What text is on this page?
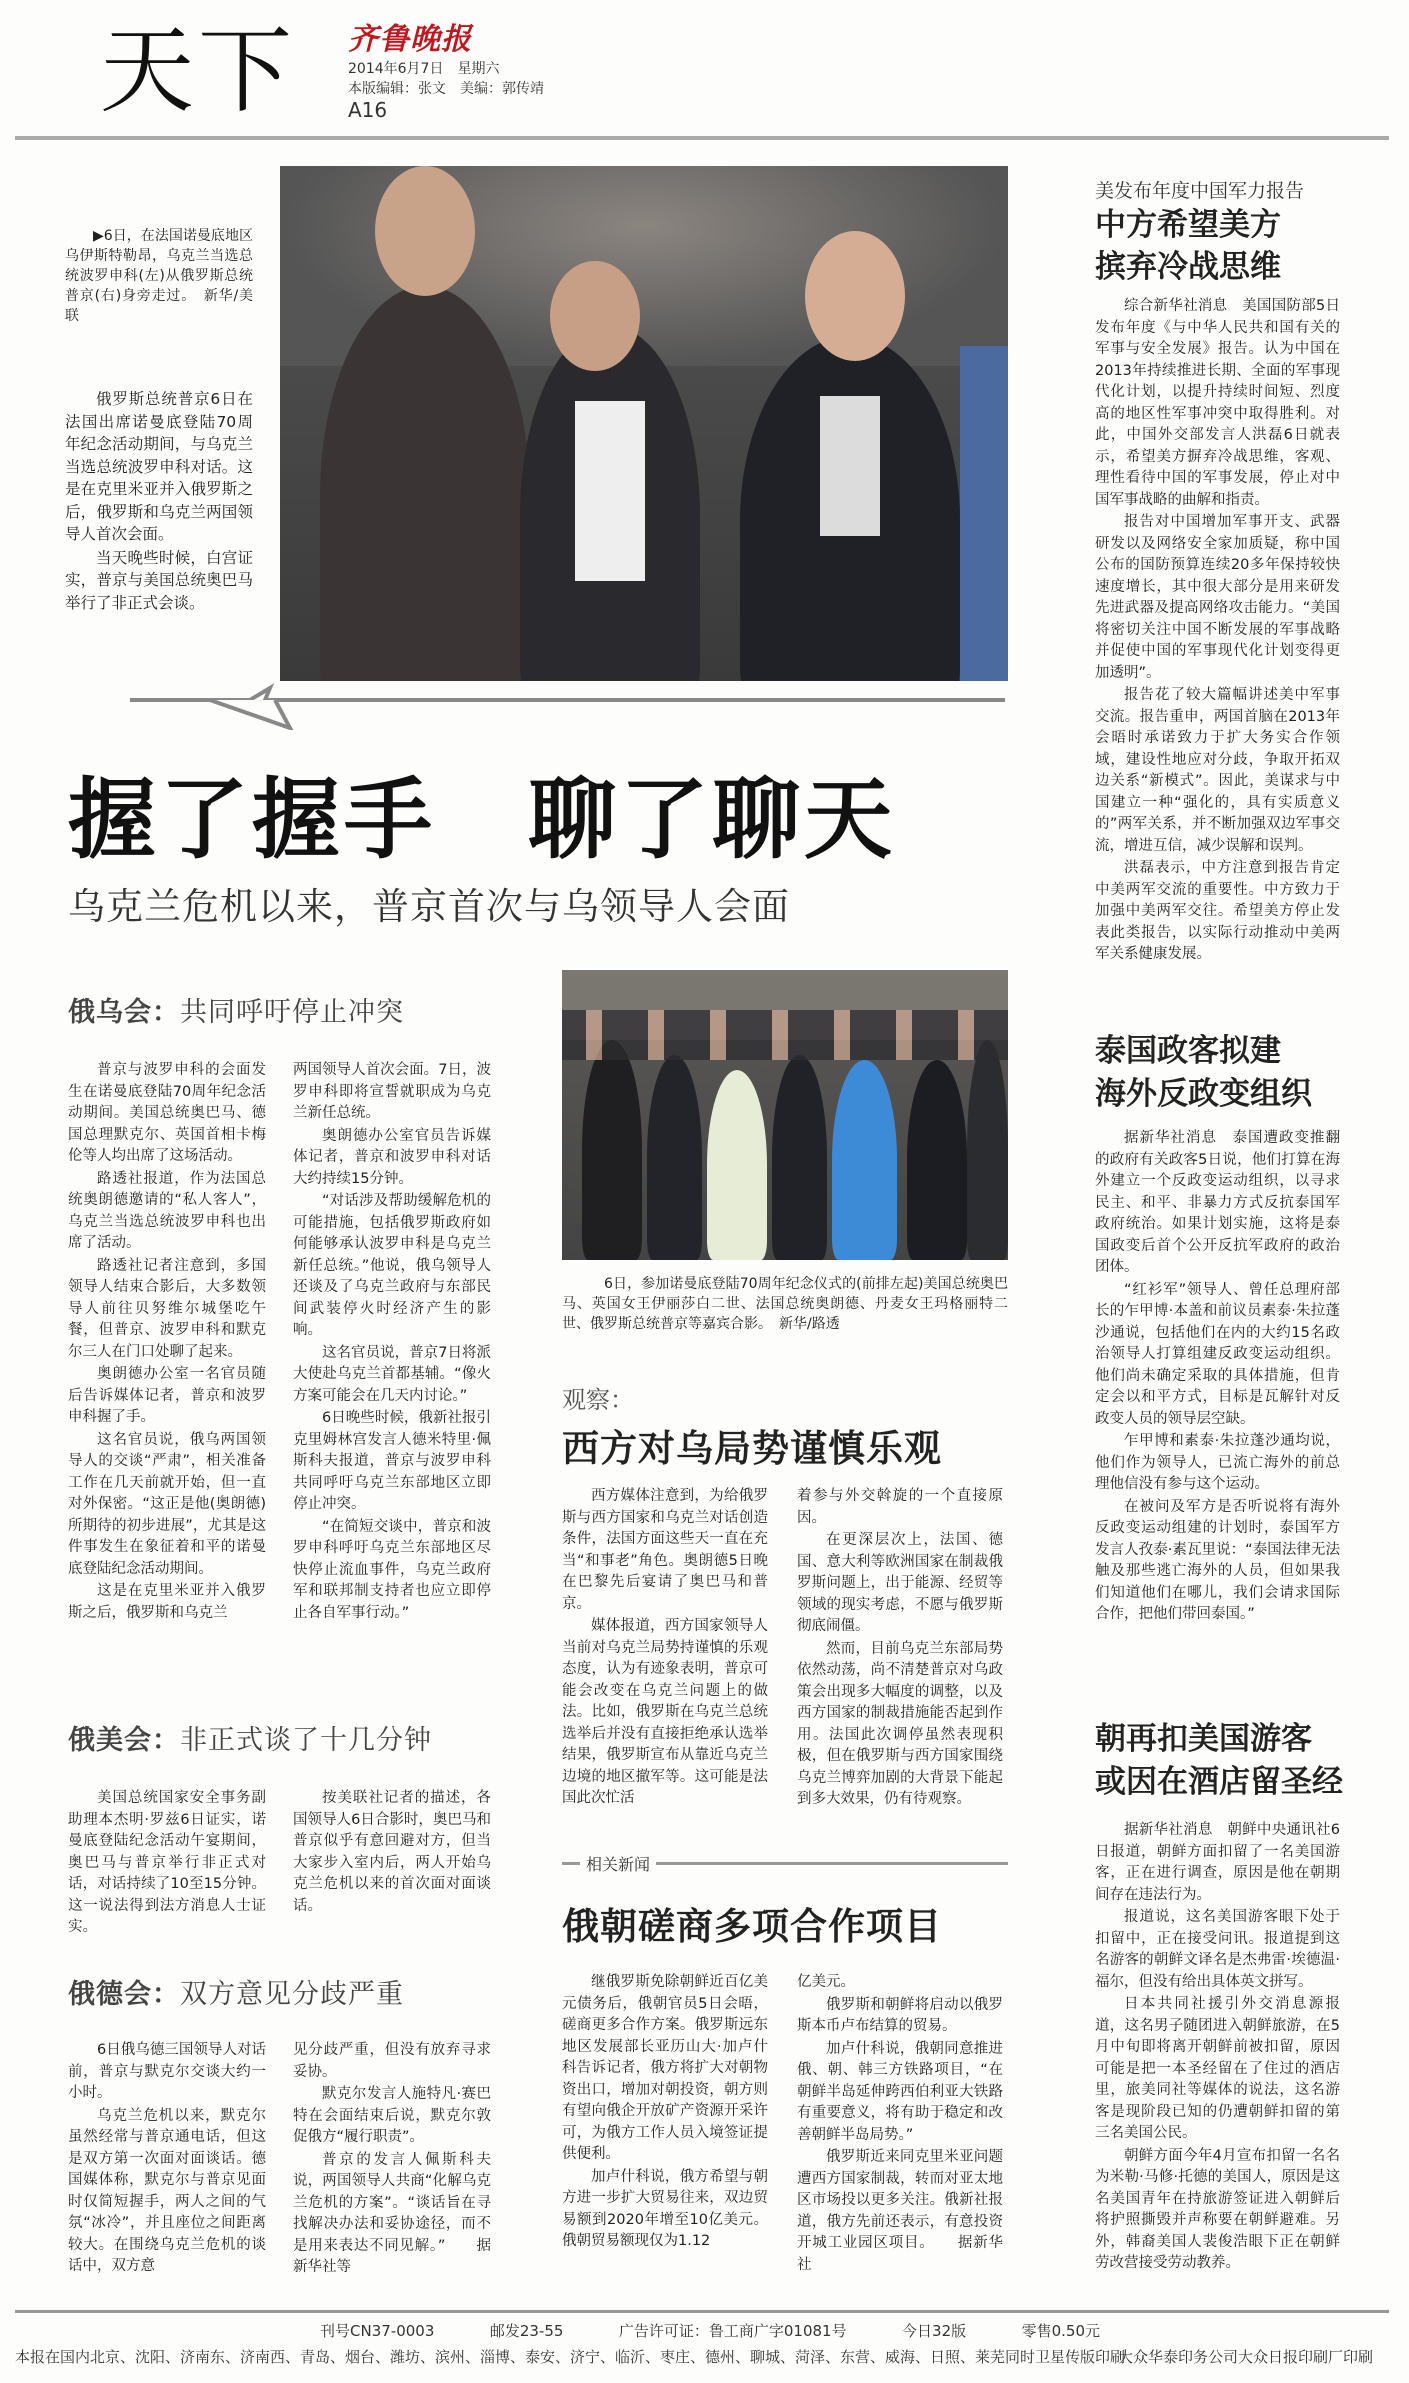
天下 齐鲁晚报
2014年6月7日　星期六
本版编辑：张文　美编：郭传靖
A16
▶6日，在法国诺曼底地区乌伊斯特勒昂，乌克兰当选总统波罗申科(左)从俄罗斯总统普京(右)身旁走过。　新华/美联

俄罗斯总统普京6日在法国出席诺曼底登陆70周年纪念活动期间，与乌克兰当选总统波罗申科对话。这是在克里米亚并入俄罗斯之后，俄罗斯和乌克兰两国领导人首次会面。

当天晚些时候，白宫证实，普京与美国总统奥巴马举行了非正式会谈。

握了握手　聊了聊天
乌克兰危机以来，普京首次与乌领导人会面
俄乌会：共同呼吁停止冲突

普京与波罗申科的会面发生在诺曼底登陆70周年纪念活动期间。美国总统奥巴马、德国总理默克尔、英国首相卡梅伦等人均出席了这场活动。

路透社报道，作为法国总统奥朗德邀请的“私人客人”，乌克兰当选总统波罗申科也出席了活动。

路透社记者注意到，多国领导人结束合影后，大多数领导人前往贝努维尔城堡吃午餐，但普京、波罗申科和默克尔三人在门口处聊了起来。

奥朗德办公室一名官员随后告诉媒体记者，普京和波罗申科握了手。

这名官员说，俄乌两国领导人的交谈“严肃”，相关准备工作在几天前就开始，但一直对外保密。“这正是他(奥朗德)所期待的初步进展”，尤其是这件事发生在象征着和平的诺曼底登陆纪念活动期间。

这是在克里米亚并入俄罗斯之后，俄罗斯和乌克兰

两国领导人首次会面。7日，波罗申科即将宣誓就职成为乌克兰新任总统。

奥朗德办公室官员告诉媒体记者，普京和波罗申科对话大约持续15分钟。

“对话涉及帮助缓解危机的可能措施，包括俄罗斯政府如何能够承认波罗申科是乌克兰新任总统。”他说，俄乌领导人还谈及了乌克兰政府与东部民间武装停火时经济产生的影响。

这名官员说，普京7日将派大使赴乌克兰首都基辅。“像火方案可能会在几天内讨论。”

6日晚些时候，俄新社报引克里姆林宫发言人德米特里·佩斯科夫报道，普京与波罗申科共同呼吁乌克兰东部地区立即停止冲突。

“在简短交谈中，普京和波罗申科呼吁乌克兰东部地区尽快停止流血事件，乌克兰政府军和联邦制支持者也应立即停止各自军事行动。”

6日，参加诺曼底登陆70周年纪念仪式的(前排左起)美国总统奥巴马、英国女王伊丽莎白二世、法国总统奥朗德、丹麦女王玛格丽特二世、俄罗斯总统普京等嘉宾合影。　新华/路透
观察：
西方对乌局势谨慎乐观

西方媒体注意到，为给俄罗斯与西方国家和乌克兰对话创造条件，法国方面这些天一直在充当“和事老”角色。奥朗德5日晚在巴黎先后宴请了奥巴马和普京。

媒体报道，西方国家领导人当前对乌克兰局势持谨慎的乐观态度，认为有迹象表明，普京可能会改变在乌克兰问题上的做法。比如，俄罗斯在乌克兰总统选举后并没有直接拒绝承认选举结果，俄罗斯宣布从靠近乌克兰边境的地区撤军等。这可能是法国此次忙活

着参与外交斡旋的一个直接原因。

在更深层次上，法国、德国、意大利等欧洲国家在制裁俄罗斯问题上，出于能源、经贸等领域的现实考虑，不愿与俄罗斯彻底闹僵。

然而，目前乌克兰东部局势依然动荡，尚不清楚普京对乌政策会出现多大幅度的调整，以及西方国家的制裁措施能否起到作用。法国此次调停虽然表现积极，但在俄罗斯与西方国家围绕乌克兰博弈加剧的大背景下能起到多大效果，仍有待观察。

相关新闻
俄朝磋商多项合作项目

继俄罗斯免除朝鲜近百亿美元债务后，俄朝官员5日会晤，磋商更多合作方案。俄罗斯远东地区发展部长亚历山大·加卢什科告诉记者，俄方将扩大对朝物资出口，增加对朝投资，朝方则有望向俄企开放矿产资源开采许可，为俄方工作人员入境签证提供便利。

加卢什科说，俄方希望与朝方进一步扩大贸易往来，双边贸易额到2020年增至10亿美元。俄朝贸易额现仅为1.12

亿美元。

俄罗斯和朝鲜将启动以俄罗斯本币卢布结算的贸易。

加卢什科说，俄朝同意推进俄、朝、韩三方铁路项目，“在朝鲜半岛延伸跨西伯利亚大铁路有重要意义，将有助于稳定和改善朝鲜半岛局势。”

俄罗斯近来同克里米亚问题遭西方国家制裁，转而对亚太地区市场投以更多关注。俄新社报道，俄方先前还表示，有意投资开城工业园区项目。　　据新华社

俄美会：非正式谈了十几分钟

美国总统国家安全事务副助理本杰明·罗兹6日证实，诺曼底登陆纪念活动午宴期间，奥巴马与普京举行非正式对话，对话持续了10至15分钟。这一说法得到法方消息人士证实。

按美联社记者的描述，各国领导人6日合影时，奥巴马和普京似乎有意回避对方，但当大家步入室内后，两人开始乌克兰危机以来的首次面对面谈话。

俄德会：双方意见分歧严重

6日俄乌德三国领导人对话前，普京与默克尔交谈大约一小时。

乌克兰危机以来，默克尔虽然经常与普京通电话，但这是双方第一次面对面谈话。德国媒体称，默克尔与普京见面时仅简短握手，两人之间的气氛“冰冷”，并且座位之间距离较大。在围绕乌克兰危机的谈话中，双方意

见分歧严重，但没有放弃寻求妥协。

默克尔发言人施特凡·赛巴特在会面结束后说，默克尔敦促俄方“履行职责”。

普京的发言人佩斯科夫说，两国领导人共商“化解乌克兰危机的方案”。“谈话旨在寻找解决办法和妥协途径，而不是用来表达不同见解。”　　据新华社等

美发布年度中国军力报告
中方希望美方
摈弃冷战思维

综合新华社消息　美国国防部5日发布年度《与中华人民共和国有关的军事与安全发展》报告。认为中国在2013年持续推进长期、全面的军事现代化计划，以提升持续时间短、烈度高的地区性军事冲突中取得胜利。对此，中国外交部发言人洪磊6日就表示，希望美方摒弃冷战思维，客观、理性看待中国的军事发展，停止对中国军事战略的曲解和指责。

报告对中国增加军事开支、武器研发以及网络安全家加质疑，称中国公布的国防预算连续20多年保持较快速度增长，其中很大部分是用来研发先进武器及提高网络攻击能力。“美国将密切关注中国不断发展的军事战略并促使中国的军事现代化计划变得更加透明”。

报告花了较大篇幅讲述美中军事交流。报告重申，两国首脑在2013年会晤时承诺致力于扩大务实合作领域，建设性地应对分歧，争取开拓双边关系“新模式”。因此，美谋求与中国建立一种“强化的，具有实质意义的”两军关系，并不断加强双边军事交流，增进互信，减少误解和误判。

洪磊表示，中方注意到报告肯定中美两军交流的重要性。中方致力于加强中美两军交往。希望美方停止发表此类报告，以实际行动推动中美两军关系健康发展。

泰国政客拟建
海外反政变组织

据新华社消息　泰国遭政变推翻的政府有关政客5日说，他们打算在海外建立一个反政变运动组织，以寻求民主、和平、非暴力方式反抗泰国军政府统治。如果计划实施，这将是泰国政变后首个公开反抗军政府的政治团体。

“红衫军”领导人、曾任总理府部长的乍甲博·本盖和前议员素泰·朱拉蓬沙通说，包括他们在内的大约15名政治领导人打算组建反政变运动组织。他们尚未确定采取的具体措施，但肯定会以和平方式，目标是瓦解针对反政变人员的领导层空缺。

乍甲博和素泰·朱拉蓬沙通均说，他们作为领导人，已流亡海外的前总理他信没有参与这个运动。

在被问及军方是否听说将有海外反政变运动组建的计划时，泰国军方发言人孜泰·素瓦里说：“泰国法律无法触及那些逃亡海外的人员，但如果我们知道他们在哪儿，我们会请求国际合作，把他们带回泰国。”

朝再扣美国游客
或因在酒店留圣经

据新华社消息　朝鲜中央通讯社6日报道，朝鲜方面扣留了一名美国游客，正在进行调查，原因是他在朝期间存在违法行为。

报道说，这名美国游客眼下处于扣留中，正在接受问讯。报道提到这名游客的朝鲜文译名是杰弗雷·埃德温·福尔，但没有给出具体英文拼写。

日本共同社援引外交消息源报道，这名男子随团进入朝鲜旅游，在5月中旬即将离开朝鲜前被扣留，原因可能是把一本圣经留在了住过的酒店里，旅美同社等媒体的说法，这名游客是现阶段已知的仍遭朝鲜扣留的第三名美国公民。

朝鲜方面今年4月宣布扣留一名名为米勒·马修·托德的美国人，原因是这名美国青年在持旅游签证进入朝鲜后将护照撕毁并声称要在朝鲜避难。另外，韩裔美国人裴俊浩眼下正在朝鲜劳改营接受劳动教养。

刊号CN37-0003	邮发23-55	广告许可证：鲁工商广字01081号	今日32版	零售0.50元
本报在国内北京、沈阳、济南东、济南西、青岛、烟台、潍坊、滨州、淄博、泰安、济宁、临沂、枣庄、德州、聊城、菏泽、东营、威海、日照、莱芜同时卫星传版印刷
大众华泰印务公司大众日报印刷厂印刷
